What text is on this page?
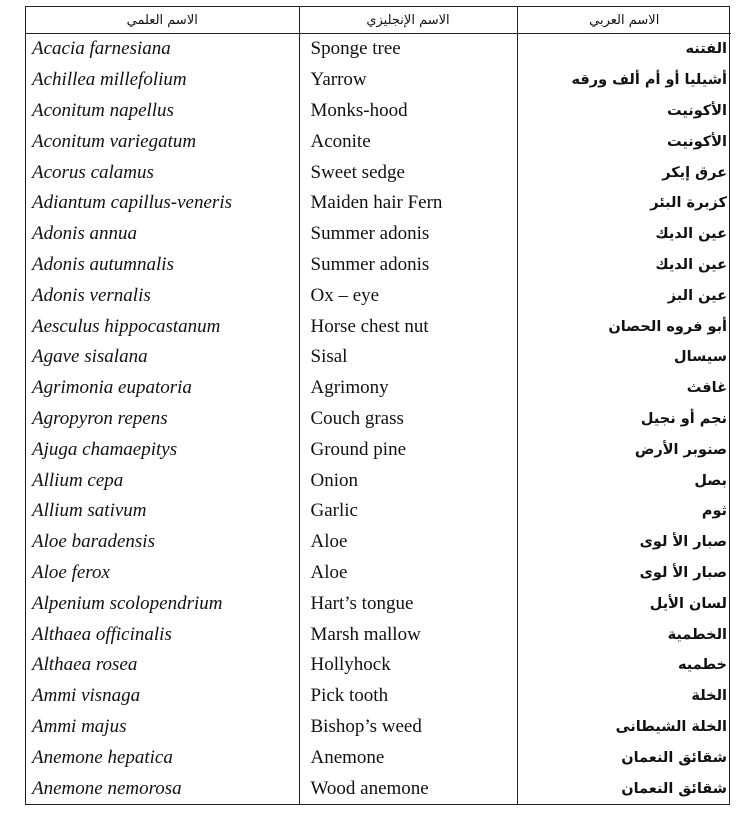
الاسم العلمي	الاسم الإنجليزي	الاسم العربي
Acacia farnesiana	Sponge tree	الفتنه
Achillea millefolium	Yarrow	أشيليا أو أم ألف ورقه
Aconitum napellus	Monks-hood	الأكونيت
Aconitum variegatum	Aconite	الأكونيت
Acorus calamus	Sweet sedge	عرق إيكر
Adiantum capillus-veneris	Maiden hair Fern	كزبرة البئر
Adonis annua	Summer adonis	عين الديك
Adonis autumnalis	Summer adonis	عين الديك
Adonis vernalis	Ox – eye	عين البز
Aesculus hippocastanum	Horse chest nut	أبو فروه الحصان
Agave sisalana	Sisal	سيسال
Agrimonia eupatoria	Agrimony	غافث
Agropyron repens	Couch grass	نجم أو نجيل
Ajuga chamaepitys	Ground pine	صنوبر الأرض
Allium cepa	Onion	بصل
Allium sativum	Garlic	ثوم
Aloe baradensis	Aloe	صبار الأ لوى
Aloe ferox	Aloe	صبار الأ لوى
Alpenium scolopendrium	Hart’s tongue	لسان الأيل
Althaea officinalis	Marsh mallow	الخطمية
Althaea rosea	Hollyhock	خطميه
Ammi visnaga	Pick tooth	الخلة
Ammi majus	Bishop’s weed	الخلة الشيطانى
Anemone hepatica	Anemone	شقائق النعمان
Anemone nemorosa	Wood anemone	شقائق النعمان
